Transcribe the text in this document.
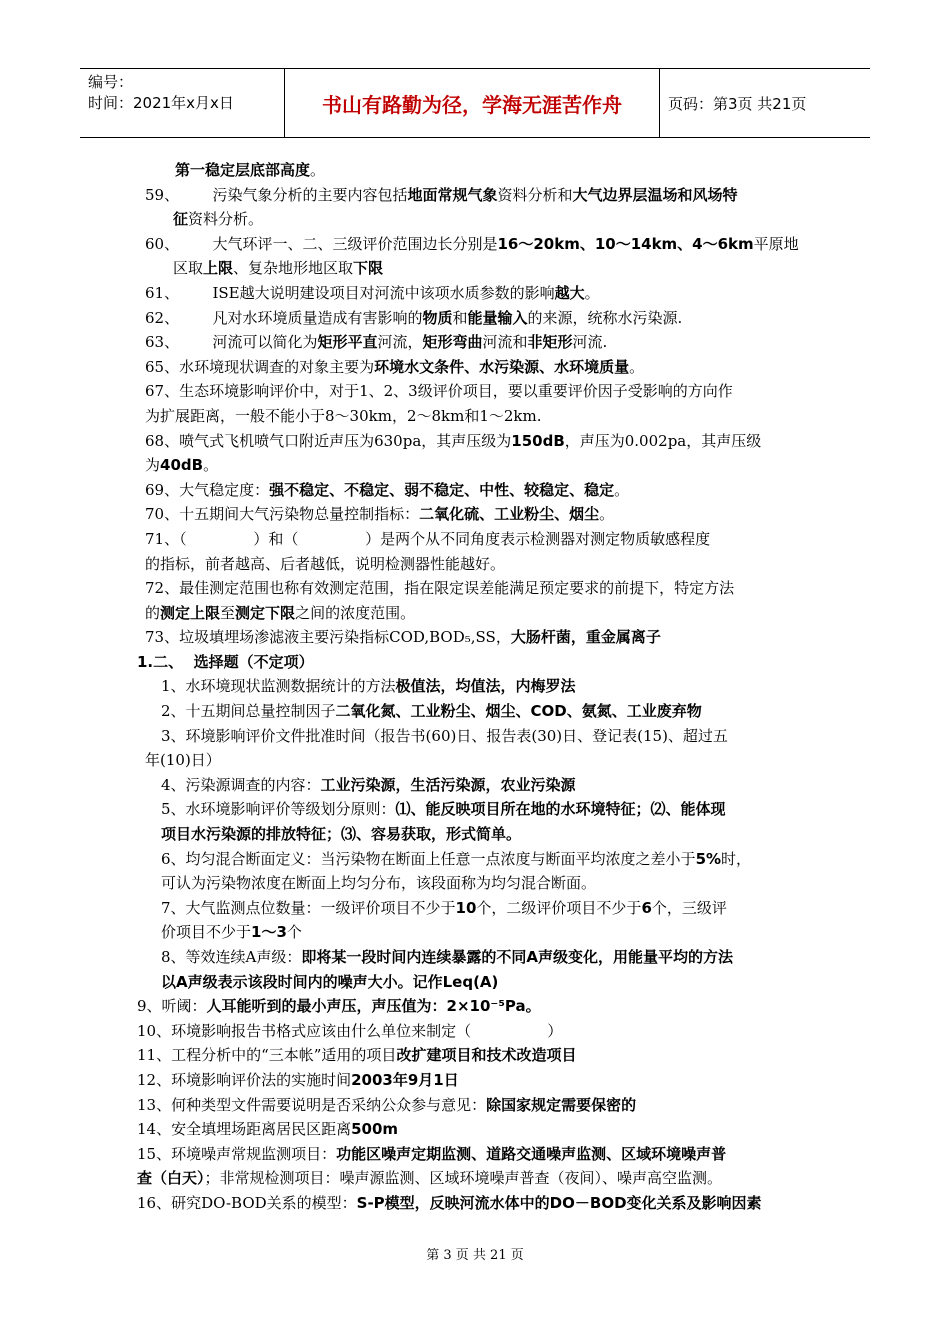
编号：
时间：2021年x月x日	书山有路勤为径，学海无涯苦作舟	页码：第3页 共21页
第一稳定层底部高度。
59、       污染气象分析的主要内容包括地面常规气象资料分析和大气边界层温场和风场特
征资料分析。
60、       大气环评一、二、三级评价范围边长分别是16～20km、10～14km、4～6km平原地
区取上限、复杂地形地区取下限
61、       ISE越大说明建设项目对河流中该项水质参数的影响越大。
62、       凡对水环境质量造成有害影响的物质和能量输入的来源，统称水污染源.
63、       河流可以简化为矩形平直河流，矩形弯曲河流和非矩形河流.
65、水环境现状调查的对象主要为环境水文条件、水污染源、水环境质量。
67、生态环境影响评价中，对于1、2、3级评价项目，要以重要评价因子受影响的方向作
为扩展距离，一般不能小于8～30km，2～8km和1～2km.
68、喷气式飞机喷气口附近声压为630pa，其声压级为150dB，声压为0.002pa，其声压级
为40dB。
69、大气稳定度：强不稳定、不稳定、弱不稳定、中性、较稳定、稳定。
70、十五期间大气污染物总量控制指标：二氧化硫、工业粉尘、烟尘。
71、（              ）和（              ）是两个从不同角度表示检测器对测定物质敏感程度
的指标，前者越高、后者越低，说明检测器性能越好。
72、最佳测定范围也称有效测定范围，指在限定误差能满足预定要求的前提下，特定方法
的测定上限至测定下限之间的浓度范围。
73、垃圾填埋场渗滤液主要污染指标COD,BOD₅,SS，大肠杆菌，重金属离子
1.二、  选择题（不定项）
1、水环境现状监测数据统计的方法极值法，均值法，内梅罗法
2、十五期间总量控制因子二氧化氮、工业粉尘、烟尘、COD、氨氮、工业废弃物
3、环境影响评价文件批准时间（报告书(60)日、报告表(30)日、登记表(15)、超过五
年(10)日）
4、污染源调查的内容：工业污染源，生活污染源，农业污染源
5、水环境影响评价等级划分原则：⑴、能反映项目所在地的水环境特征；⑵、能体现
项目水污染源的排放特征；⑶、容易获取，形式简单。
6、均匀混合断面定义：当污染物在断面上任意一点浓度与断面平均浓度之差小于5%时，
可认为污染物浓度在断面上均匀分布，该段面称为均匀混合断面。
7、大气监测点位数量：一级评价项目不少于10个，二级评价项目不少于6个，三级评
价项目不少于1～3个
8、等效连续A声级：即将某一段时间内连续暴露的不同A声级变化，用能量平均的方法
以A声级表示该段时间内的噪声大小。记作Leq(A)
9、听阈：人耳能听到的最小声压，声压值为：2×10⁻⁵Pa。
10、环境影响报告书格式应该由什么单位来制定（                ）
11、工程分析中的“三本帐”适用的项目改扩建项目和技术改造项目
12、环境影响评价法的实施时间2003年9月1日
13、何种类型文件需要说明是否采纳公众参与意见：除国家规定需要保密的
14、安全填埋场距离居民区距离500m
15、环境噪声常规监测项目：功能区噪声定期监测、道路交通噪声监测、区域环境噪声普
查（白天）；非常规检测项目：噪声源监测、区域环境噪声普查（夜间）、噪声高空监测。
16、研究DO-BOD关系的模型：S-P模型，反映河流水体中的DO－BOD变化关系及影响因素
第 3 页 共 21 页
